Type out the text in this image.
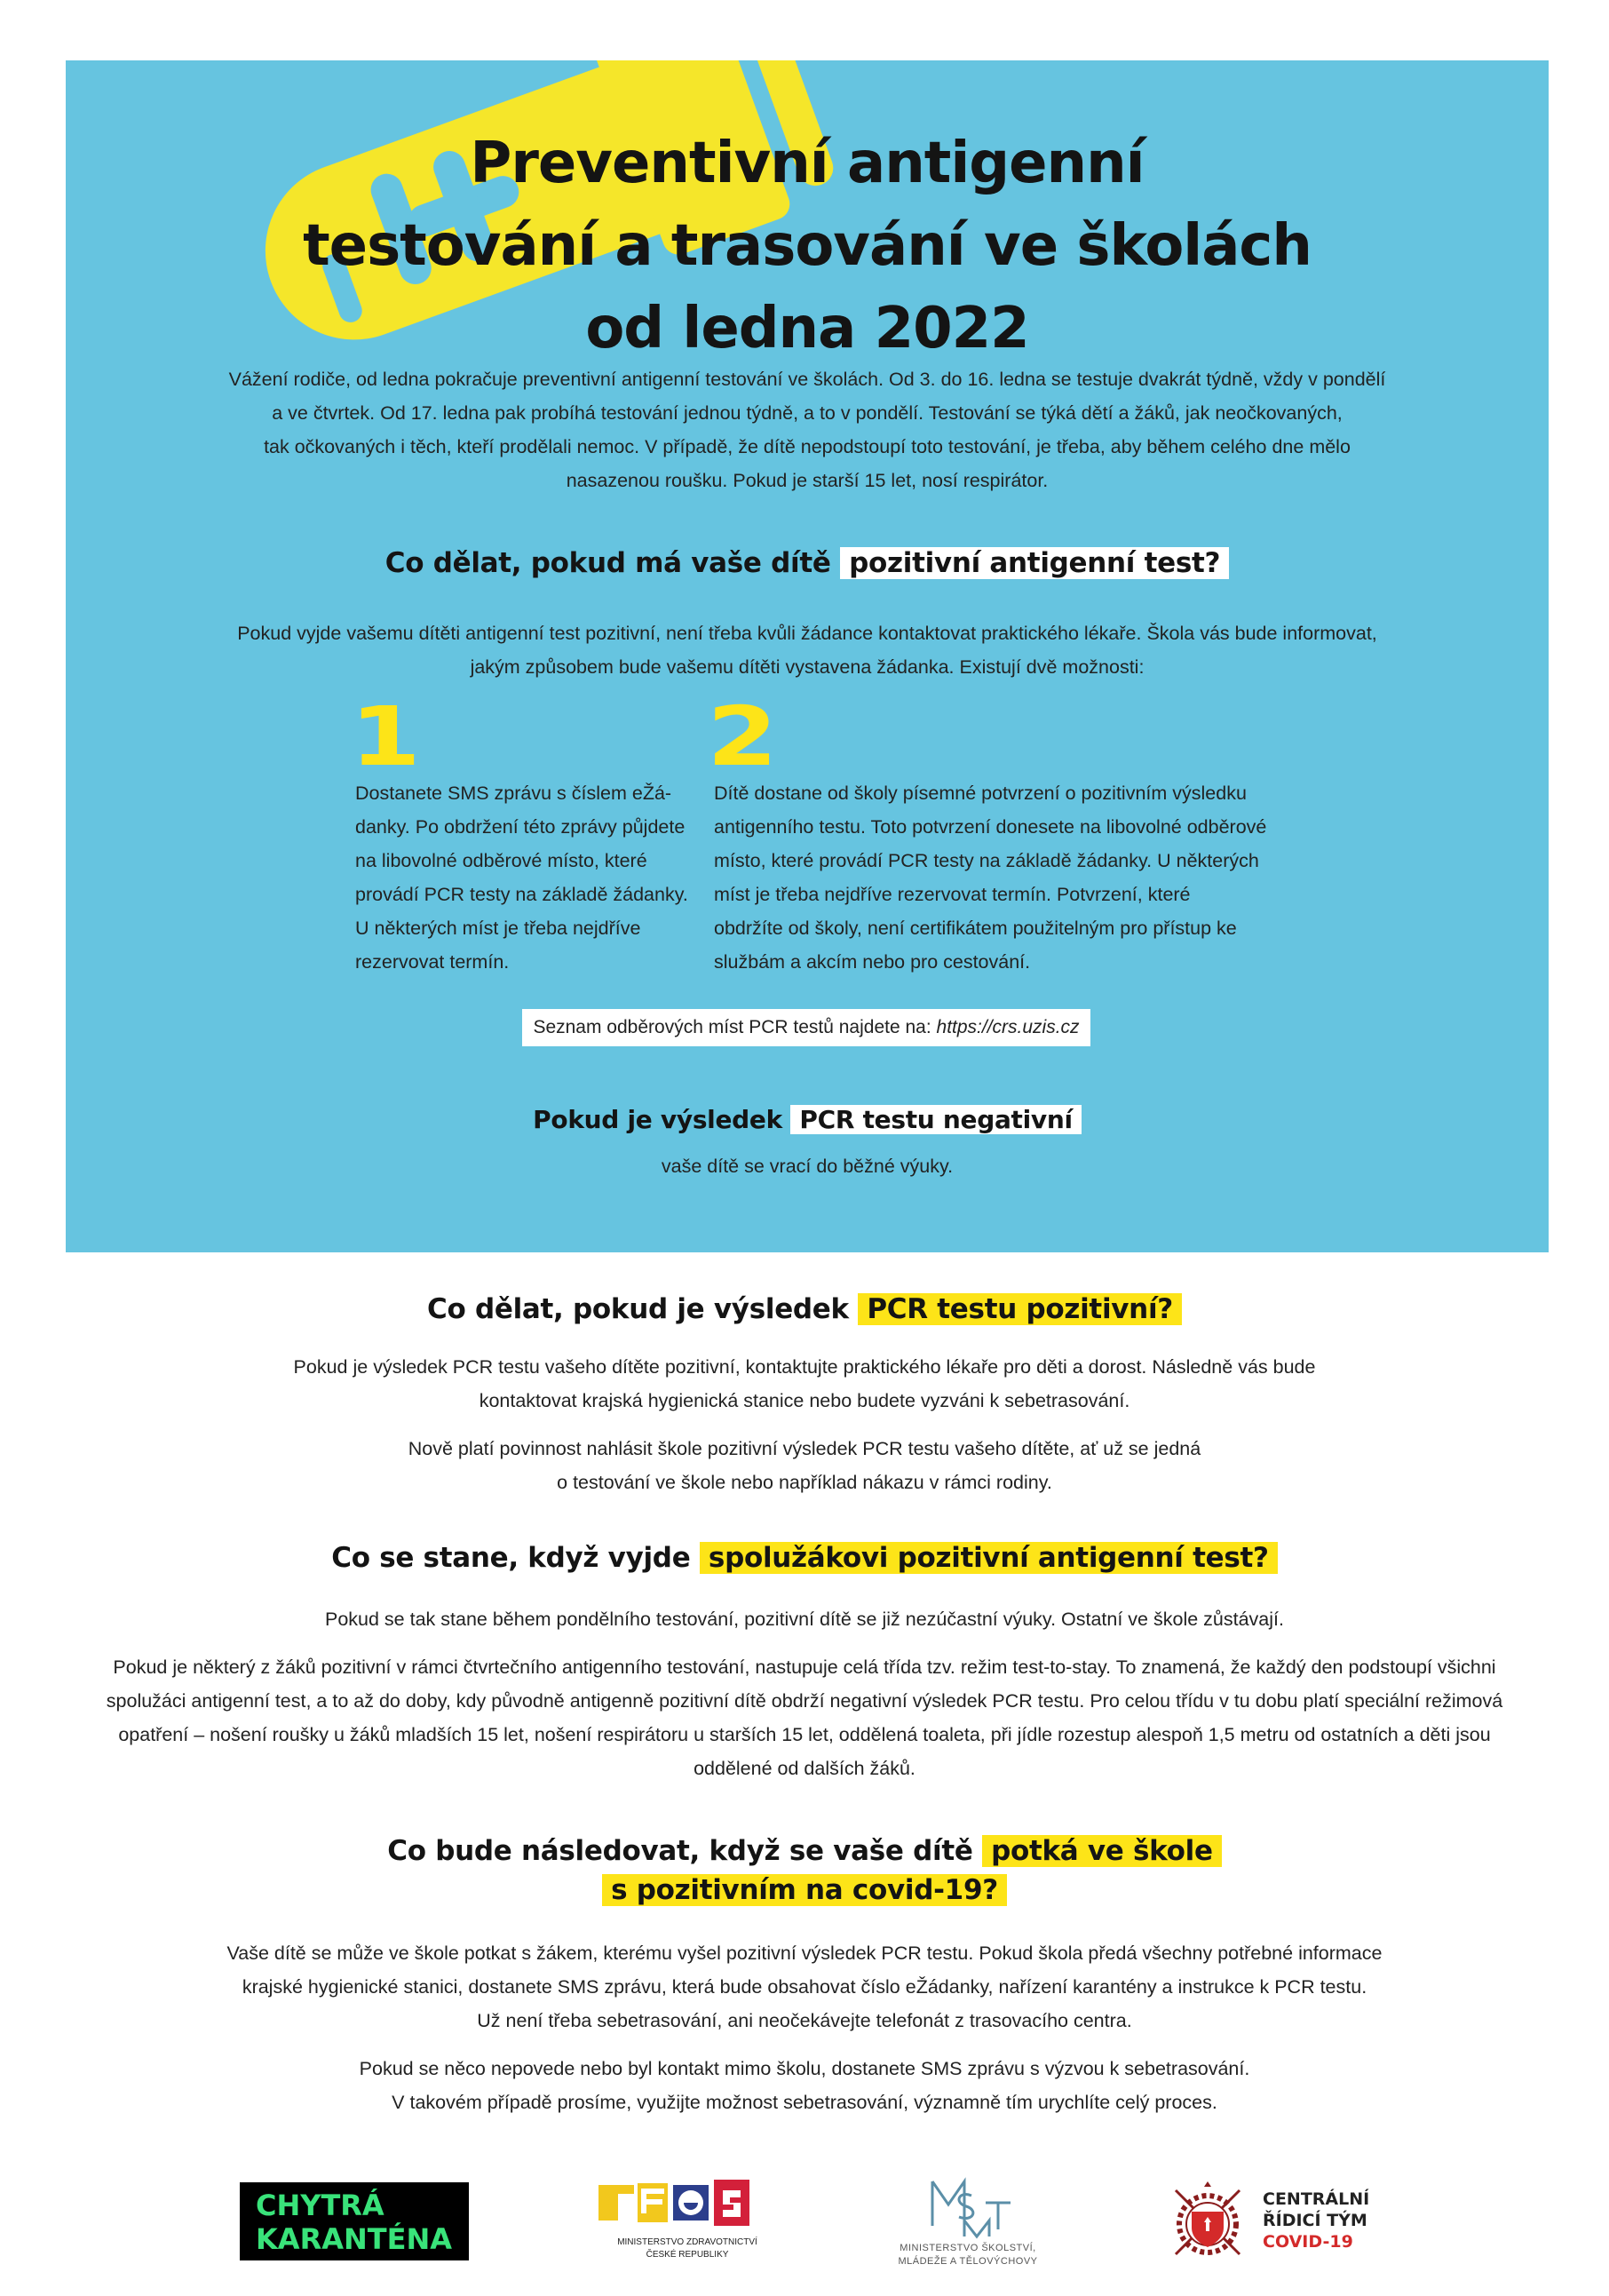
Preventivní antigenní
testování a trasování ve školách
od ledna 2022
Vážení rodiče, od ledna pokračuje preventivní antigenní testování ve školách. Od 3. do 16. ledna se testuje dvakrát týdně, vždy v pondělí
a ve čtvrtek. Od 17. ledna pak probíhá testování jednou týdně, a to v pondělí. Testování se týká dětí a žáků, jak neočkovaných,
tak očkovaných i těch, kteří prodělali nemoc. V případě, že dítě nepodstoupí toto testování, je třeba, aby během celého dne mělo
nasazenou roušku. Pokud je starší 15 let, nosí respirátor.
Co dělat, pokud má vaše dítě pozitivní antigenní test?
Pokud vyjde vašemu dítěti antigenní test pozitivní, není třeba kvůli žádance kontaktovat praktického lékaře. Škola vás bude informovat,
jakým způsobem bude vašemu dítěti vystavena žádanka. Existují dvě možnosti:
1
Dostanete SMS zprávu s číslem eŽá-
danky. Po obdržení této zprávy půjdete
na libovolné odběrové místo, které
provádí PCR testy na základě žádanky.
U některých míst je třeba nejdříve
rezervovat termín.
2
Dítě dostane od školy písemné potvrzení o pozitivním výsledku
antigenního testu. Toto potvrzení donesete na libovolné odběrové
místo, které provádí PCR testy na základě žádanky. U některých
míst je třeba nejdříve rezervovat termín. Potvrzení, které
obdržíte od školy, není certifikátem použitelným pro přístup ke
službám a akcím nebo pro cestování.
Seznam odběrových míst PCR testů najdete na: https://crs.uzis.cz
Pokud je výsledek PCR testu negativní
vaše dítě se vrací do běžné výuky.
Co dělat, pokud je výsledek PCR testu pozitivní?
Pokud je výsledek PCR testu vašeho dítěte pozitivní, kontaktujte praktického lékaře pro děti a dorost. Následně vás bude
kontaktovat krajská hygienická stanice nebo budete vyzváni k sebetrasování.
Nově platí povinnost nahlásit škole pozitivní výsledek PCR testu vašeho dítěte, ať už se jedná
o testování ve škole nebo například nákazu v rámci rodiny.
Co se stane, když vyjde spolužákovi pozitivní antigenní test?
Pokud se tak stane během pondělního testování, pozitivní dítě se již nezúčastní výuky. Ostatní ve škole zůstávají.
Pokud je některý z žáků pozitivní v rámci čtvrtečního antigenního testování, nastupuje celá třída tzv. režim test-to-stay. To znamená, že každý den podstoupí všichni
spolužáci antigenní test, a to až do doby, kdy původně antigenně pozitivní dítě obdrží negativní výsledek PCR testu. Pro celou třídu v tu dobu platí speciální režimová
opatření – nošení roušky u žáků mladších 15 let, nošení respirátoru u starších 15 let, oddělená toaleta, při jídle rozestup alespoň 1,5 metru od ostatních a děti jsou
oddělené od dalších žáků.
Co bude následovat, když se vaše dítě potká ve škole
s pozitivním na covid-19?
Vaše dítě se může ve škole potkat s žákem, kterému vyšel pozitivní výsledek PCR testu. Pokud škola předá všechny potřebné informace
krajské hygienické stanici, dostanete SMS zprávu, která bude obsahovat číslo eŽádanky, nařízení karantény a instrukce k PCR testu.
Už není třeba sebetrasování, ani neočekávejte telefonát z trasovacího centra.
Pokud se něco nepovede nebo byl kontakt mimo školu, dostanete SMS zprávu s výzvou k sebetrasování.
V takovém případě prosíme, využijte možnost sebetrasování, významně tím urychlíte celý proces.
CHYTRÁ
KARANTÉNA	MINISTERSTVO ZDRAVOTNICTVÍ
ČESKÉ REPUBLIKY
MINISTERSTVO ŠKOLSTVÍ,
MLÁDEŽE A TĚLOVÝCHOVY
CENTRÁLNÍ
ŘÍDICÍ TÝM
COVID-19
